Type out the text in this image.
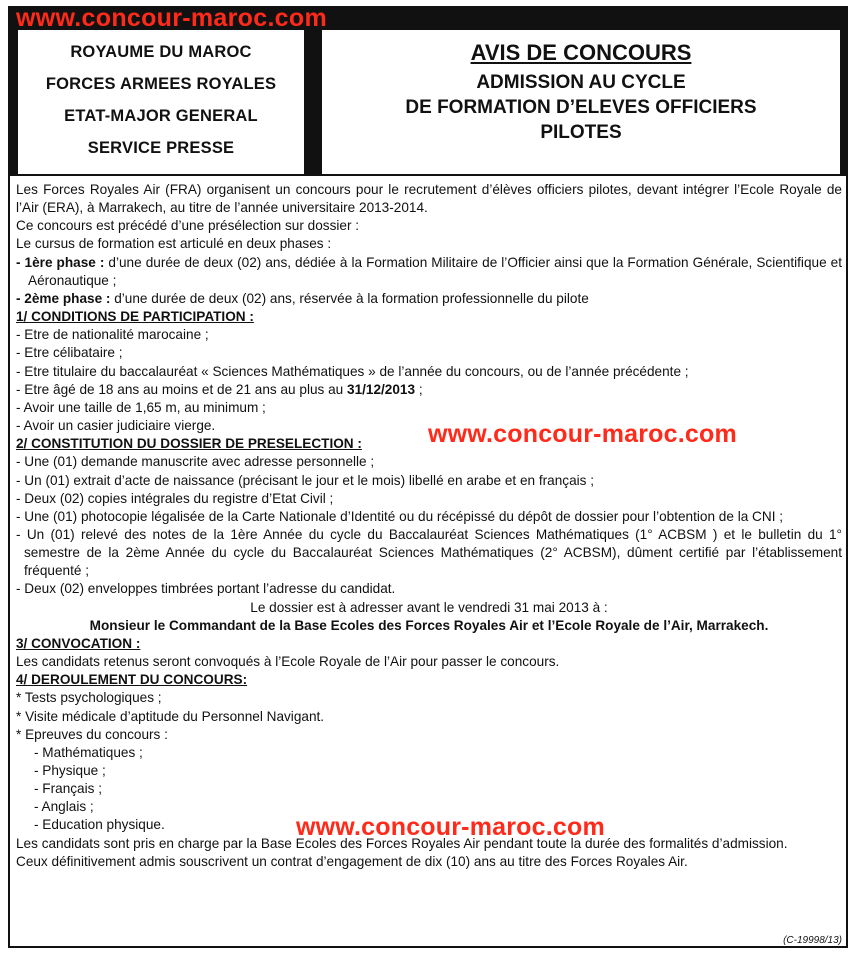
ROYAUME DU MAROC
FORCES ARMEES ROYALES
ETAT-MAJOR GENERAL
SERVICE PRESSE
AVIS DE CONCOURS
ADMISSION AU CYCLE
DE FORMATION D’ELEVES OFFICIERS
PILOTES
www.concour-maroc.com

Les Forces Royales Air (FRA) organisent un concours pour le recrutement d’élèves officiers pilotes, devant intégrer l’Ecole Royale de l’Air (ERA), à Marrakech, au titre de l’année universitaire 2013-2014.

Ce concours est précédé d’une présélection sur dossier :

Le cursus de formation est articulé en deux phases :

- 1ère phase : d’une durée de deux (02) ans, dédiée à la Formation Militaire de l’Officier ainsi que la Formation Générale, Scientifique et Aéronautique ;

- 2ème phase : d’une durée de deux (02) ans, réservée à la formation professionnelle du pilote

1/ CONDITIONS DE PARTICIPATION :

- Etre de nationalité marocaine ;

- Etre célibataire ;

- Etre titulaire du baccalauréat « Sciences Mathématiques » de l’année du concours, ou de l’année précédente ;

- Etre âgé de 18 ans au moins et de 21 ans au plus au 31/12/2013 ;

- Avoir une taille de 1,65 m, au minimum ;

- Avoir un casier judiciaire vierge.

2/ CONSTITUTION DU DOSSIER DE PRESELECTION :

- Une (01) demande manuscrite avec adresse personnelle ;

- Un (01) extrait d’acte de naissance (précisant le jour et le mois) libellé en arabe et en français ;

- Deux (02) copies intégrales du registre d’Etat Civil ;

- Une (01) photocopie légalisée de la Carte Nationale d’Identité ou du récépissé du dépôt de dossier pour l’obtention de la CNI ;

- Un (01) relevé des notes de la 1ère Année du cycle du Baccalauréat Sciences Mathématiques (1° ACBSM ) et le bulletin du 1° semestre de la 2ème Année du cycle du Baccalauréat Sciences Mathématiques (2° ACBSM), dûment certifié par l’établissement fréquenté ;

- Deux (02) enveloppes timbrées portant l’adresse du candidat.

Le dossier est à adresser avant le vendredi 31 mai 2013 à :

Monsieur le Commandant de la Base Ecoles des Forces Royales Air et l’Ecole Royale de l’Air, Marrakech.

3/ CONVOCATION :

Les candidats retenus seront convoqués à l’Ecole Royale de l’Air pour passer le concours.

4/ DEROULEMENT DU CONCOURS:

* Tests psychologiques ;

* Visite médicale d’aptitude du Personnel Navigant.

* Epreuves du concours :

- Mathématiques ;

- Physique ;

- Français ;

- Anglais ;

- Education physique.

Les candidats sont pris en charge par la Base Ecoles des Forces Royales Air pendant toute la durée des formalités d’admission.

Ceux définitivement admis souscrivent un contrat d’engagement de dix (10) ans au titre des Forces Royales Air.

www.concour-maroc.com
www.concour-maroc.com
(C-19998/13)
